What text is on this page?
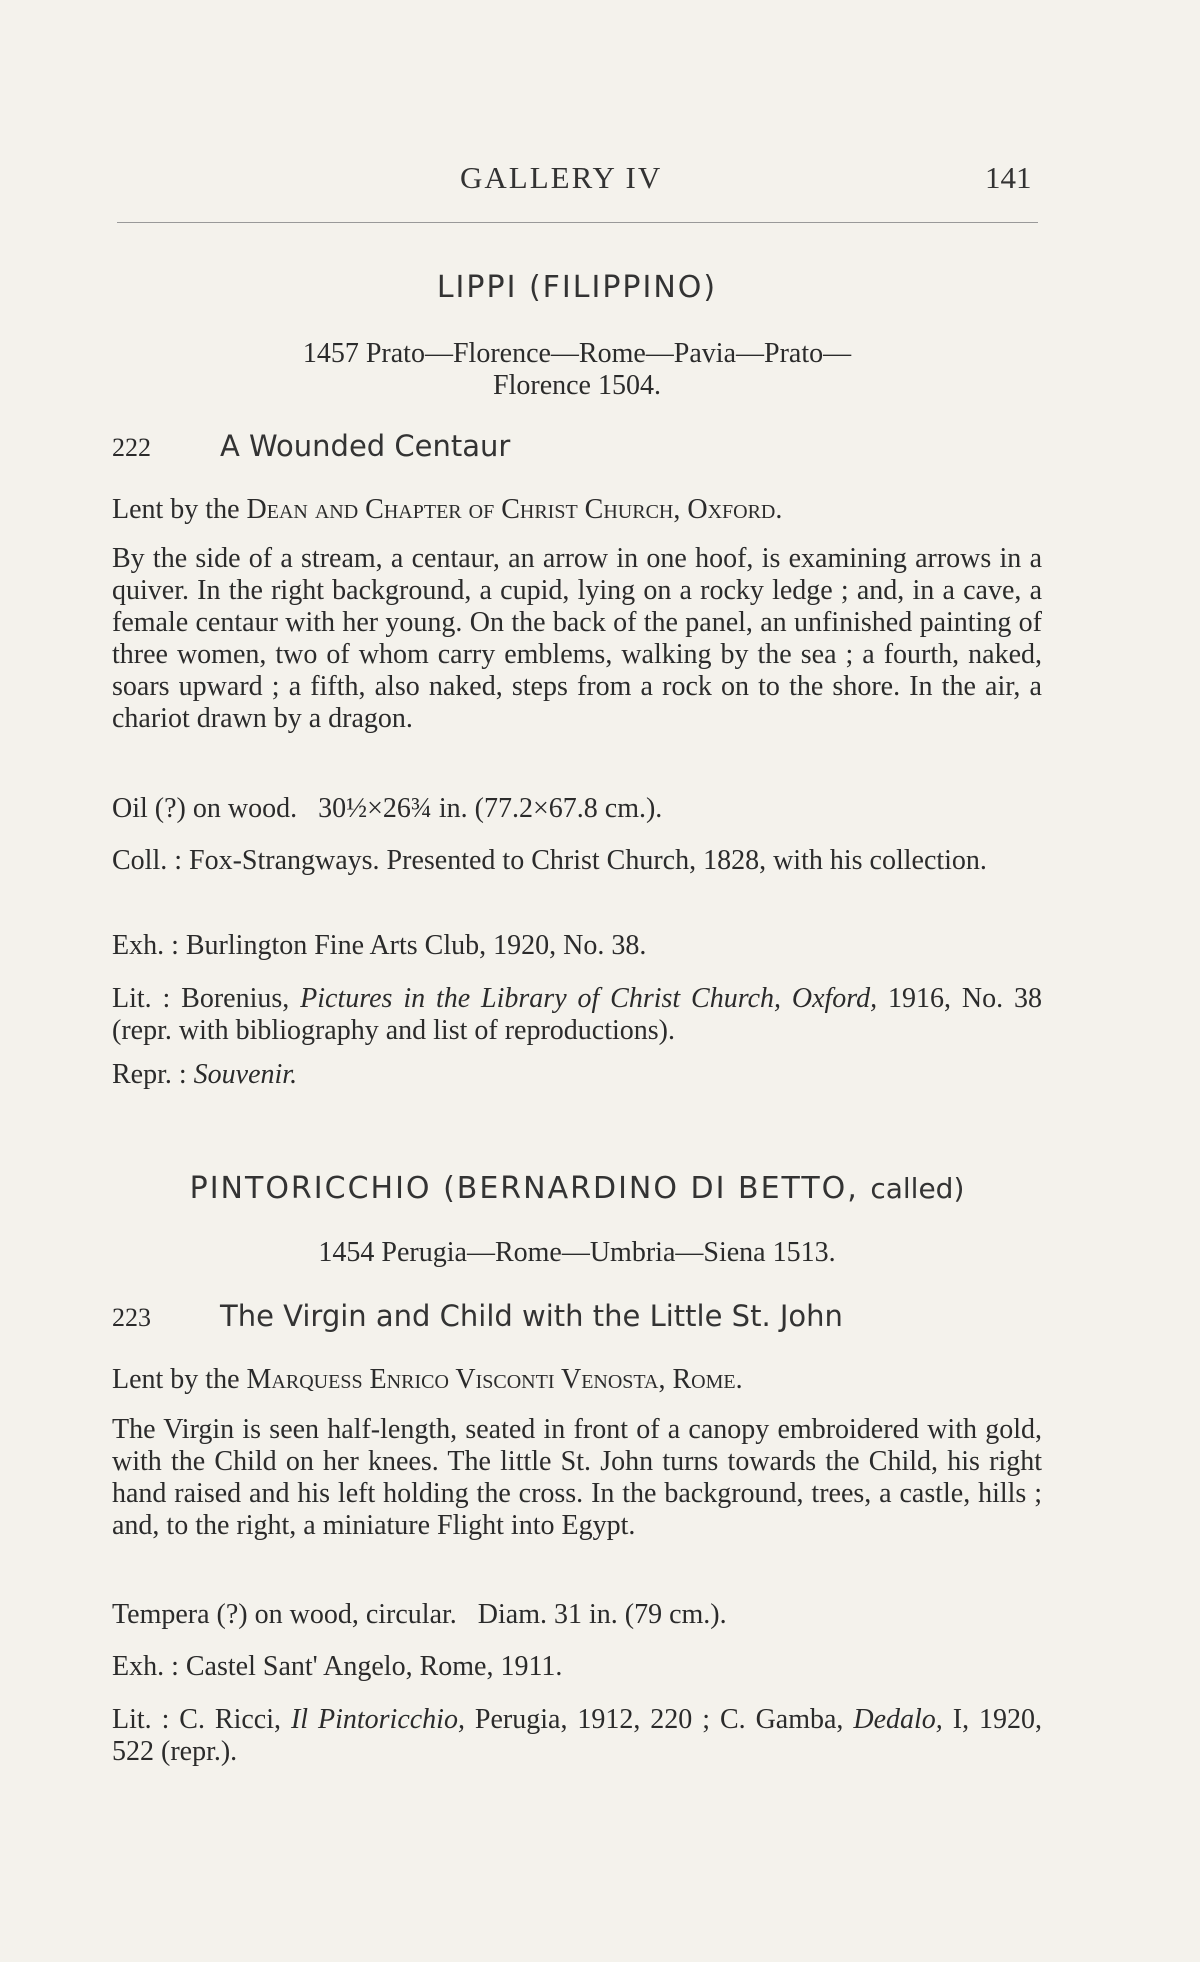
GALLERY IV	141
LIPPI (FILIPPINO)
1457 Prato—Florence—Rome—Pavia—Prato—
Florence 1504.
222 A Wounded Centaur
Lent by the Dean and Chapter of Christ Church, Oxford.
By the side of a stream, a centaur, an arrow in one hoof, is examining arrows in a quiver. In the right background, a cupid, lying on a rocky ledge ; and, in a cave, a female centaur with her young. On the back of the panel, an unfinished painting of three women, two of whom carry emblems, walking by the sea ; a fourth, naked, soars upward ; a fifth, also naked, steps from a rock on to the shore. In the air, a chariot drawn by a dragon.
Oil (?) on wood. 30½×26¾ in. (77.2×67.8 cm.).
Coll. : Fox-Strangways. Presented to Christ Church, 1828, with his collection.
Exh. : Burlington Fine Arts Club, 1920, No. 38.
Lit. : Borenius, Pictures in the Library of Christ Church, Oxford, 1916, No. 38 (repr. with bibliography and list of reproductions).
Repr. : Souvenir.
PINTORICCHIO (BERNARDINO DI BETTO, called)
1454 Perugia—Rome—Umbria—Siena 1513.
223 The Virgin and Child with the Little St. John
Lent by the Marquess Enrico Visconti Venosta, Rome.
The Virgin is seen half-length, seated in front of a canopy embroidered with gold, with the Child on her knees. The little St. John turns towards the Child, his right hand raised and his left holding the cross. In the background, trees, a castle, hills ; and, to the right, a miniature Flight into Egypt.
Tempera (?) on wood, circular. Diam. 31 in. (79 cm.).
Exh. : Castel Sant' Angelo, Rome, 1911.
Lit. : C. Ricci, Il Pintoricchio, Perugia, 1912, 220 ; C. Gamba, Dedalo, I, 1920, 522 (repr.).
